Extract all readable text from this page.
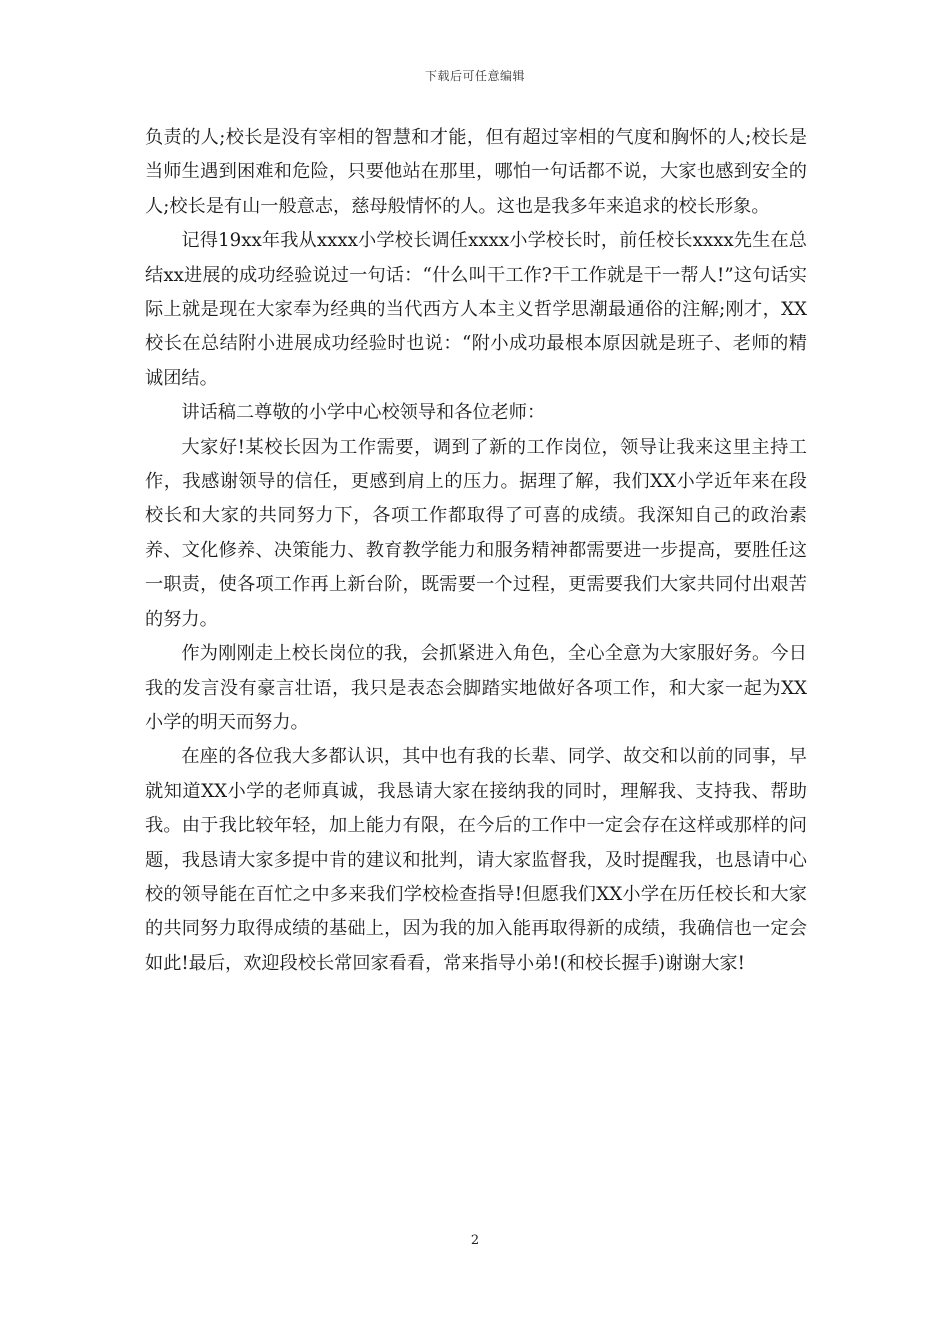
下载后可任意编辑

负责的人;校长是没有宰相的智慧和才能，但有超过宰相的气度和胸怀的人;校长是当师生遇到困难和危险，只要他站在那里，哪怕一句话都不说，大家也感到安全的人;校长是有山一般意志，慈母般情怀的人。这也是我多年来追求的校长形象。

记得19xx年我从xxxx小学校长调任xxxx小学校长时，前任校长xxxx先生在总结xx进展的成功经验说过一句话：“什么叫干工作?干工作就是干一帮人!”这句话实际上就是现在大家奉为经典的当代西方人本主义哲学思潮最通俗的注解;刚才，XX校长在总结附小进展成功经验时也说：“附小成功最根本原因就是班子、老师的精诚团结。

讲话稿二尊敬的小学中心校领导和各位老师：

大家好!某校长因为工作需要，调到了新的工作岗位，领导让我来这里主持工作，我感谢领导的信任，更感到肩上的压力。据理了解，我们XX小学近年来在段校长和大家的共同努力下，各项工作都取得了可喜的成绩。我深知自己的政治素养、文化修养、决策能力、教育教学能力和服务精神都需要进一步提高，要胜任这一职责，使各项工作再上新台阶，既需要一个过程，更需要我们大家共同付出艰苦的努力。

作为刚刚走上校长岗位的我，会抓紧进入角色，全心全意为大家服好务。今日我的发言没有豪言壮语，我只是表态会脚踏实地做好各项工作，和大家一起为XX小学的明天而努力。

在座的各位我大多都认识，其中也有我的长辈、同学、故交和以前的同事，早就知道XX小学的老师真诚，我恳请大家在接纳我的同时，理解我、支持我、帮助我。由于我比较年轻，加上能力有限，在今后的工作中一定会存在这样或那样的问题，我恳请大家多提中肯的建议和批判，请大家监督我，及时提醒我，也恳请中心校的领导能在百忙之中多来我们学校检查指导!但愿我们XX小学在历任校长和大家的共同努力取得成绩的基础上，因为我的加入能再取得新的成绩，我确信也一定会如此!最后，欢迎段校长常回家看看，常来指导小弟!(和校长握手)谢谢大家!

2
